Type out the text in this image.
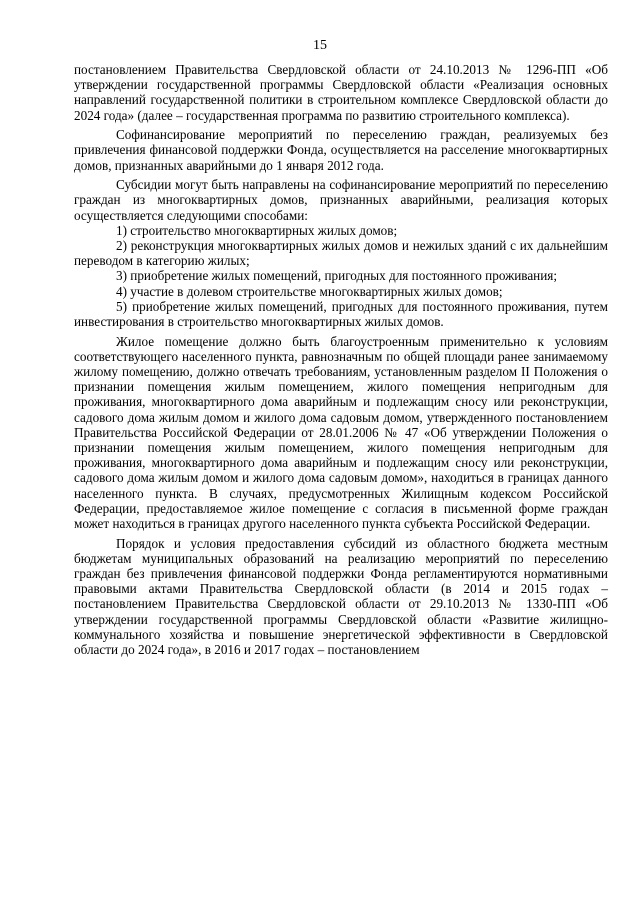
15

постановлением Правительства Свердловской области от 24.10.2013 № 1296-ПП «Об утверждении государственной программы Свердловской области «Реализация основных направлений государственной политики в строительном комплексе Свердловской области до 2024 года» (далее – государственная программа по развитию строительного комплекса).

Софинансирование мероприятий по переселению граждан, реализуемых без привлечения финансовой поддержки Фонда, осуществляется на расселение многоквартирных домов, признанных аварийными до 1 января 2012 года.

Субсидии могут быть направлены на софинансирование мероприятий по переселению граждан из многоквартирных домов, признанных аварийными, реализация которых осуществляется следующими способами:

1) строительство многоквартирных жилых домов;

2) реконструкция многоквартирных жилых домов и нежилых зданий с их дальнейшим переводом в категорию жилых;

3) приобретение жилых помещений, пригодных для постоянного проживания;

4) участие в долевом строительстве многоквартирных жилых домов;

5) приобретение жилых помещений, пригодных для постоянного проживания, путем инвестирования в строительство многоквартирных жилых домов.

Жилое помещение должно быть благоустроенным применительно к условиям соответствующего населенного пункта, равнозначным по общей площади ранее занимаемому жилому помещению, должно отвечать требованиям, установленным разделом II Положения о признании помещения жилым помещением, жилого помещения непригодным для проживания, многоквартирного дома аварийным и подлежащим сносу или реконструкции, садового дома жилым домом и жилого дома садовым домом, утвержденного постановлением Правительства Российской Федерации от 28.01.2006 № 47 «Об утверждении Положения о признании помещения жилым помещением, жилого помещения непригодным для проживания, многоквартирного дома аварийным и подлежащим сносу или реконструкции, садового дома жилым домом и жилого дома садовым домом», находиться в границах данного населенного пункта. В случаях, предусмотренных Жилищным кодексом Российской Федерации, предоставляемое жилое помещение с согласия в письменной форме граждан может находиться в границах другого населенного пункта субъекта Российской Федерации.

Порядок и условия предоставления субсидий из областного бюджета местным бюджетам муниципальных образований на реализацию мероприятий по переселению граждан без привлечения финансовой поддержки Фонда регламентируются нормативными правовыми актами Правительства Свердловской области (в 2014 и 2015 годах – постановлением Правительства Свердловской области от 29.10.2013 № 1330-ПП «Об утверждении государственной программы Свердловской области «Развитие жилищно-коммунального хозяйства и повышение энергетической эффективности в Свердловской области до 2024 года», в 2016 и 2017 годах – постановлением
